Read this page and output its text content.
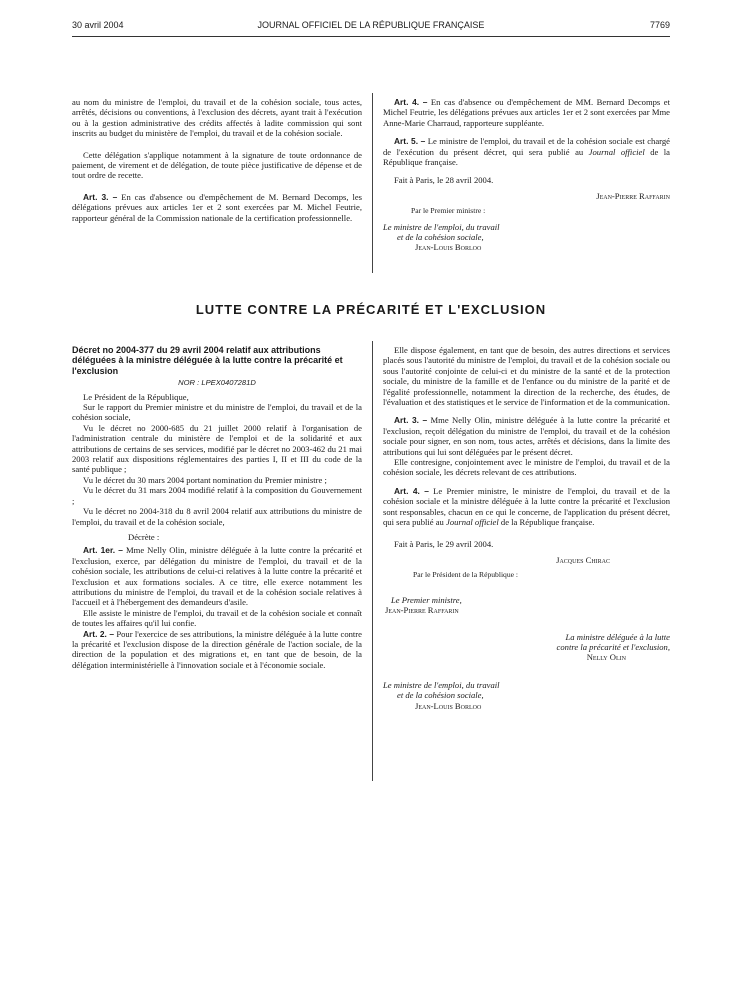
30 avril 2004	JOURNAL OFFICIEL DE LA RÉPUBLIQUE FRANÇAISE	7769

au nom du ministre de l'emploi, du travail et de la cohésion sociale, tous actes, arrêtés, décisions ou conventions, à l'exclusion des décrets, ayant trait à l'exécution ou à la gestion administrative des crédits affectés à ladite commission qui sont inscrits au budget du ministère de l'emploi, du travail et de la cohésion sociale.

Cette délégation s'applique notamment à la signature de toute ordonnance de paiement, de virement et de délégation, de toute pièce justificative de dépense et de tout ordre de recette.

Art. 3. – En cas d'absence ou d'empêchement de M. Bernard Decomps, les délégations prévues aux articles 1er et 2 sont exercées par M. Michel Feutrie, rapporteur général de la Commission nationale de la certification professionnelle.

Art. 4. – En cas d'absence ou d'empêchement de MM. Bernard Decomps et Michel Feutrie, les délégations prévues aux articles 1er et 2 sont exercées par Mme Anne-Marie Charraud, rapporteure suppléante.

Art. 5. – Le ministre de l'emploi, du travail et de la cohésion sociale est chargé de l'exécution du présent décret, qui sera publié au Journal officiel de la République française.

Fait à Paris, le 28 avril 2004.

Jean-Pierre Raffarin

Par le Premier ministre :

Le ministre de l'emploi, du travail

et de la cohésion sociale,

Jean-Louis Borloo

LUTTE CONTRE LA PRÉCARITÉ ET L'EXCLUSION

Décret no 2004-377 du 29 avril 2004 relatif aux attributions déléguées à la ministre déléguée à la lutte contre la précarité et l'exclusion

NOR : LPEX0407281D

Le Président de la République,

Sur le rapport du Premier ministre et du ministre de l'emploi, du travail et de la cohésion sociale,

Vu le décret no 2000-685 du 21 juillet 2000 relatif à l'organisation de l'administration centrale du ministère de l'emploi et de la solidarité et aux attributions de certains de ses services, modifié par le décret no 2003-462 du 21 mai 2003 relatif aux dispositions réglementaires des parties I, II et III du code de la santé publique ;

Vu le décret du 30 mars 2004 portant nomination du Premier ministre ;

Vu le décret du 31 mars 2004 modifié relatif à la composition du Gouvernement ;

Vu le décret no 2004-318 du 8 avril 2004 relatif aux attributions du ministre de l'emploi, du travail et de la cohésion sociale,

Décrète :

Art. 1er. – Mme Nelly Olin, ministre déléguée à la lutte contre la précarité et l'exclusion, exerce, par délégation du ministre de l'emploi, du travail et de la cohésion sociale, les attributions de celui-ci relatives à la lutte contre la précarité et l'exclusion et aux formations sociales. A ce titre, elle exerce notamment les attributions du ministre de l'emploi, du travail et de la cohésion sociale relatives à l'accueil et à l'hébergement des demandeurs d'asile.

Elle assiste le ministre de l'emploi, du travail et de la cohésion sociale et connaît de toutes les affaires qu'il lui confie.

Art. 2. – Pour l'exercice de ses attributions, la ministre déléguée à la lutte contre la précarité et l'exclusion dispose de la direction générale de l'action sociale, de la direction de la population et des migrations et, en tant que de besoin, de la délégation interministérielle à l'innovation sociale et à l'économie sociale.

Elle dispose également, en tant que de besoin, des autres directions et services placés sous l'autorité du ministre de l'emploi, du travail et de la cohésion sociale ou sous l'autorité conjointe de celui-ci et du ministre de la santé et de la protection sociale, du ministre de la famille et de l'enfance ou du ministre de la parité et de l'égalité professionnelle, notamment la direction de la recherche, des études, de l'évaluation et des statistiques et le service de l'information et de la communication.

Art. 3. – Mme Nelly Olin, ministre déléguée à la lutte contre la précarité et l'exclusion, reçoit délégation du ministre de l'emploi, du travail et de la cohésion sociale pour signer, en son nom, tous actes, arrêtés et décisions, dans la limite des attributions qui lui sont déléguées par le présent décret.

Elle contresigne, conjointement avec le ministre de l'emploi, du travail et de la cohésion sociale, les décrets relevant de ces attributions.

Art. 4. – Le Premier ministre, le ministre de l'emploi, du travail et de la cohésion sociale et la ministre déléguée à la lutte contre la précarité et l'exclusion sont responsables, chacun en ce qui le concerne, de l'application du présent décret, qui sera publié au Journal officiel de la République française.

Fait à Paris, le 29 avril 2004.

Jacques Chirac

Par le Président de la République :

Le Premier ministre,

Jean-Pierre Raffarin

La ministre déléguée à la lutte

contre la précarité et l'exclusion,

Nelly Olin

Le ministre de l'emploi, du travail

et de la cohésion sociale,

Jean-Louis Borloo
